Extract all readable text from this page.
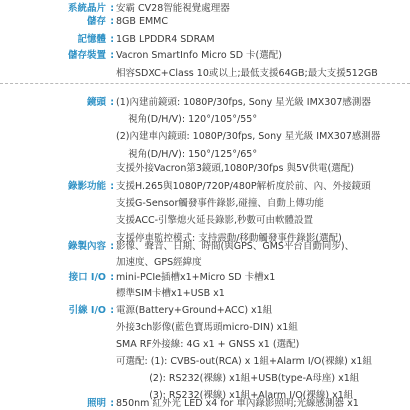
系統晶片 : 安霸 CV28智能視覺處理器
儲存 : 8GB EMMC
記憶體 : 1GB LPDDR4 SDRAM
儲存裝置 : Vacron SmartInfo Micro SD 卡(選配)
相容SDXC+Class 10或以上;最低支援64GB;最大支援512GB
鏡頭 : (1)內建前鏡頭: 1080P/30fps, Sony 星光級 IMX307感測器
視角(D/H/V): 120°/105°/55°
(2)內建車內鏡頭: 1080P/30fps, Sony 星光級 IMX307感測器
視角(D/H/V): 150°/125°/65°
支援外接Vacron第3鏡頭,1080P/30fps 與5V供電(選配)
錄影功能 : 支援H.265與1080P/720P/480P解析度於前、內、外接鏡頭
支援G-Sensor觸發事件錄影,碰撞、自動上傳功能
支援ACC-引擎熄火延長錄影,秒數可由軟體設置
支援停車監控模式: 支持震動/移動觸發事件錄影(選配)
錄製內容 : 影像、聲音、日期、時間(與GPS、GMS平台自動同步)、
加速度、GPS經緯度
接口 I/O : mini-PCIe插槽x1+Micro SD 卡槽x1
標準SIM卡槽x1+USB x1
引線 I/O : 電源(Battery+Ground+ACC) x1組
外接3ch影像(藍色寶馬頭micro-DIN) x1組
SMA RF外接線: 4G x1 + GNSS x1 (選配)
可選配: (1): CVBS-out(RCA) x 1組+Alarm I/O(裸線) x1組
(2): RS232(裸線) x1組+USB(type-A母座) x1組
(3): RS232(裸線) x1組+Alarm I/O(裸線) x1組
照明 : 850nm 紅外光 LED x4 for 車內錄影照明;光線感測器 x1
